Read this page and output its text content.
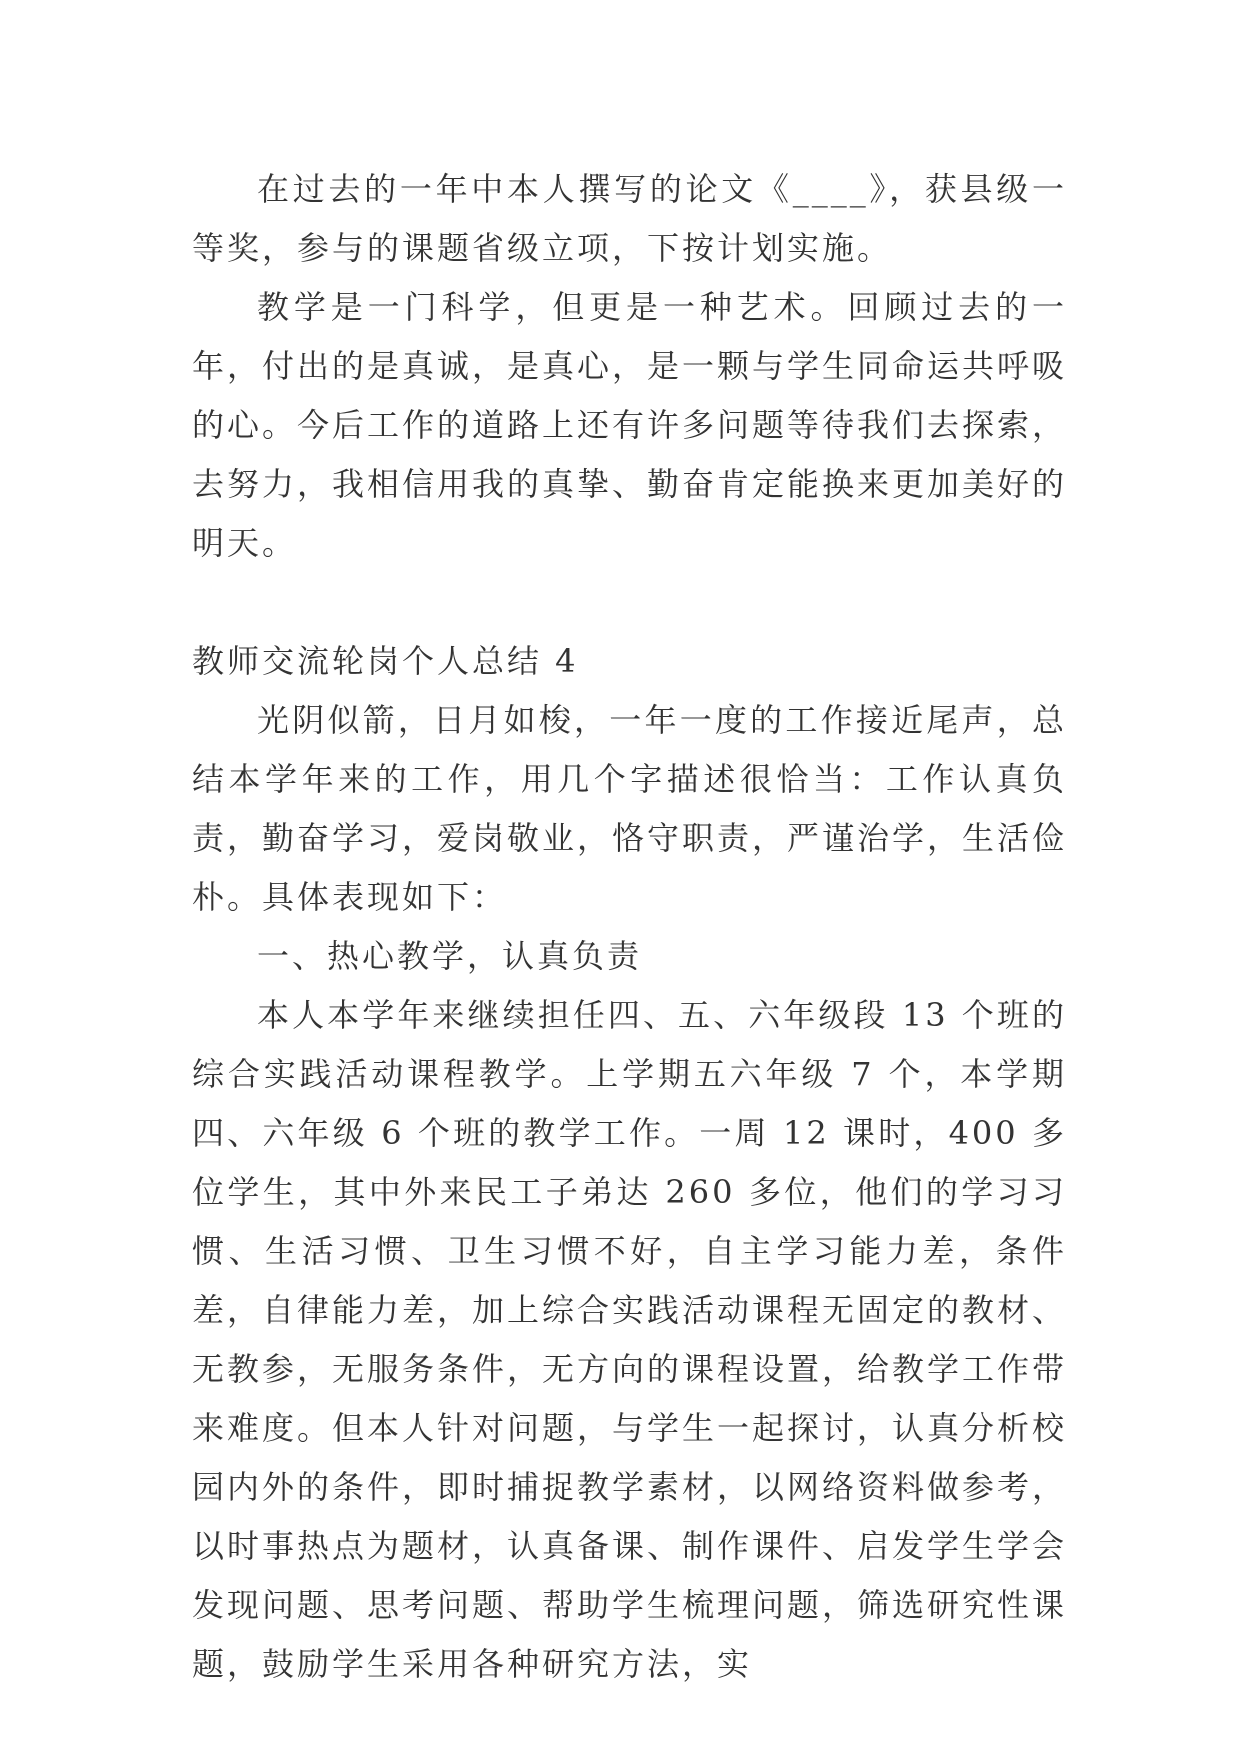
在过去的一年中本人撰写的论文《____》，获县级一等奖，参与的课题省级立项，下按计划实施。

教学是一门科学，但更是一种艺术。回顾过去的一年，付出的是真诚，是真心，是一颗与学生同命运共呼吸的心。今后工作的道路上还有许多问题等待我们去探索，去努力，我相信用我的真挚、勤奋肯定能换来更加美好的明天。

教师交流轮岗个人总结 4

光阴似箭，日月如梭，一年一度的工作接近尾声，总结本学年来的工作，用几个字描述很恰当：工作认真负责，勤奋学习，爱岗敬业，恪守职责，严谨治学，生活俭朴。具体表现如下：

一、热心教学，认真负责

本人本学年来继续担任四、五、六年级段 13 个班的综合实践活动课程教学。上学期五六年级 7 个，本学期四、六年级 6 个班的教学工作。一周 12 课时，400 多位学生，其中外来民工子弟达 260 多位，他们的学习习惯、生活习惯、卫生习惯不好，自主学习能力差，条件差，自律能力差，加上综合实践活动课程无固定的教材、无教参，无服务条件，无方向的课程设置，给教学工作带来难度。但本人针对问题，与学生一起探讨，认真分析校园内外的条件，即时捕捉教学素材，以网络资料做参考，以时事热点为题材，认真备课、制作课件、启发学生学会发现问题、思考问题、帮助学生梳理问题，筛选研究性课题，鼓励学生采用各种研究方法，实
